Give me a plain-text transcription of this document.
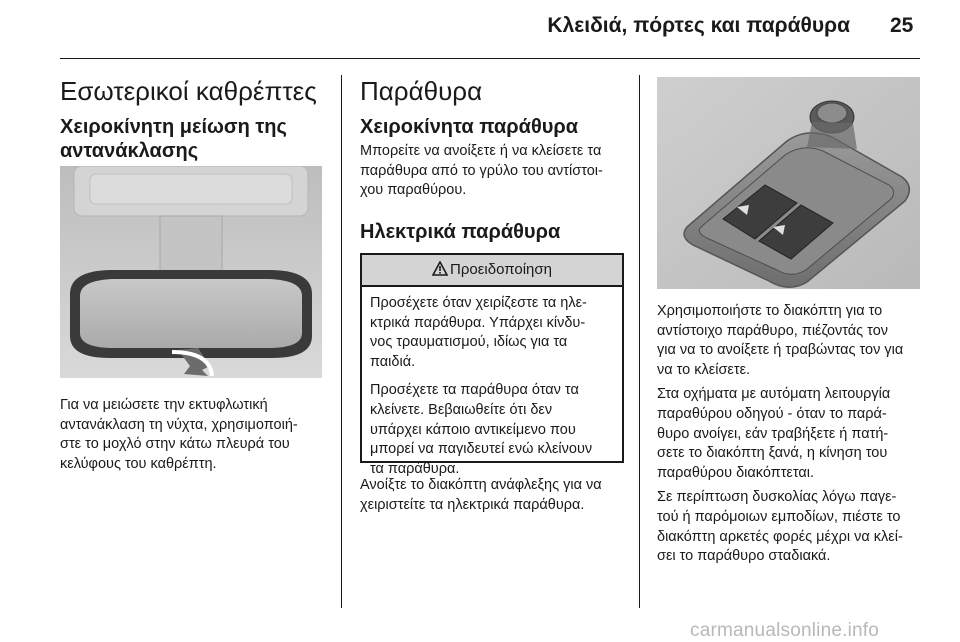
Κλειδιά, πόρτες και παράθυρα 25
Εσωτερικοί καθρέπτες
Χειροκίνητη μείωση της
αντανάκλασης
Για να μειώσετε την εκτυφλωτική
αντανάκλαση τη νύχτα, χρησιμοποιή-
στε το μοχλό στην κάτω πλευρά του
κελύφους του καθρέπτη.
Παράθυρα
Χειροκίνητα παράθυρα
Μπορείτε να ανοίξετε ή να κλείσετε τα
παράθυρα από το γρύλο του αντίστοι-
χου παραθύρου.
Ηλεκτρικά παράθυρα
Προειδοποίηση
Προσέχετε όταν χειρίζεστε τα ηλε-
κτρικά παράθυρα. Υπάρχει κίνδυ-
νος τραυματισμού, ιδίως για τα
παιδιά.
Προσέχετε τα παράθυρα όταν τα
κλείνετε. Βεβαιωθείτε ότι δεν
υπάρχει κάποιο αντικείμενο που
μπορεί να παγιδευτεί ενώ κλείνουν
τα παράθυρα.
Ανοίξτε το διακόπτη ανάφλεξης για να
χειριστείτε τα ηλεκτρικά παράθυρα.
Χρησιμοποιήστε το διακόπτη για το
αντίστοιχο παράθυρο, πιέζοντάς τον
για να το ανοίξετε ή τραβώντας τον για
να το κλείσετε.
Στα οχήματα με αυτόματη λειτουργία
παραθύρου οδηγού - όταν το παρά-
θυρο ανοίγει, εάν τραβήξετε ή πατή-
σετε το διακόπτη ξανά, η κίνηση του
παραθύρου διακόπτεται.
Σε περίπτωση δυσκολίας λόγω παγε-
τού ή παρόμοιων εμποδίων, πιέστε το
διακόπτη αρκετές φορές μέχρι να κλεί-
σει το παράθυρο σταδιακά.
carmanualsonline.info
